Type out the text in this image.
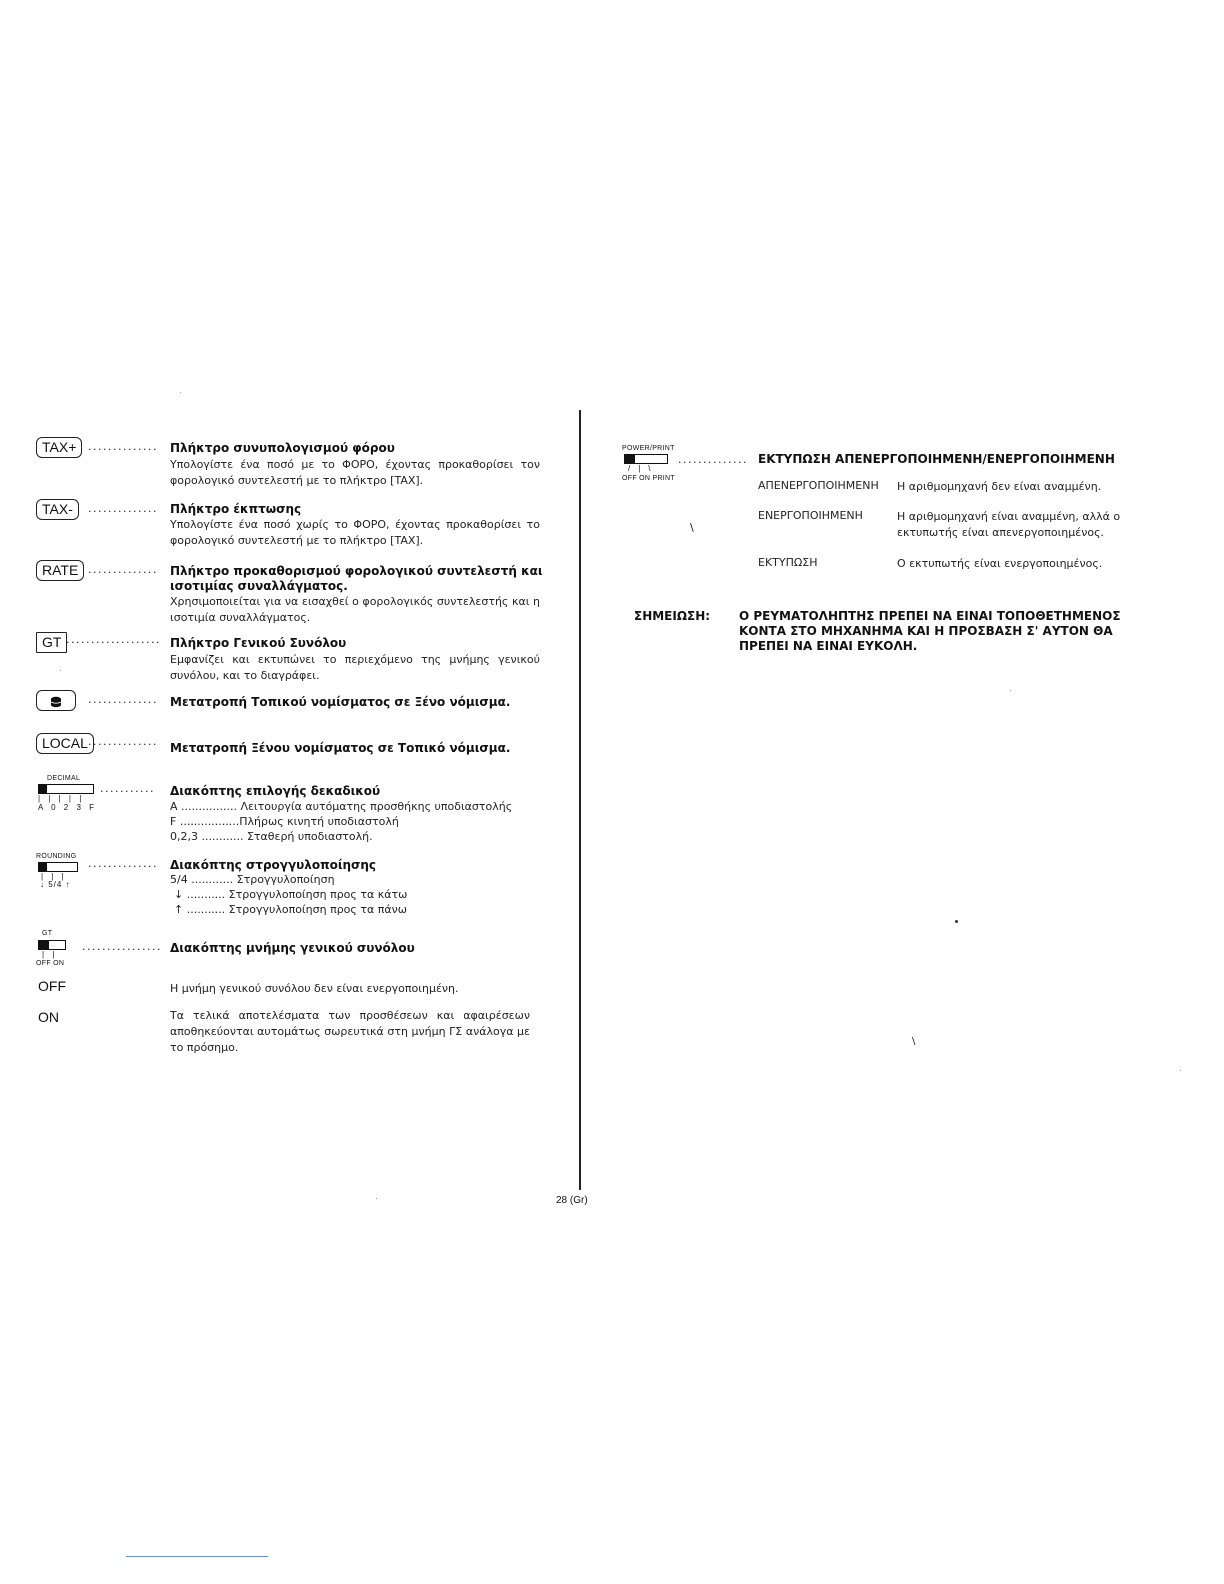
TAX+	.............. Πλήκτρο συνυπολογισμού φόρου
Υπολογίστε ένα ποσό με το ΦΟΡΟ, έχοντας προκαθορίσει τον φορολογικό συντελεστή με το πλήκτρο [TAX].
TAX-	.............. Πλήκτρο έκπτωσης
Υπολογίστε ένα ποσό χωρίς το ΦΟΡΟ, έχοντας προκαθορίσει το φορολογικό συντελεστή με το πλήκτρο [TAX].
RATE .............. Πλήκτρο προκαθορισμού φορολογικού συντελεστή και
ισοτιμίας συναλλάγματος.
Χρησιμοποιείται για να εισαχθεί ο φορολογικός συντελεστής και η ισοτιμία συναλλάγματος.
GT ................... Πλήκτρο Γενικού Συνόλου
Εμφανίζει και εκτυπώνει το περιεχόμενο της μνήμης γενικού συνόλου, και το διαγράφει.
.............. Μετατροπή Τοπικού νομίσματος σε Ξένο νόμισμα.
LOCAL .............. Μετατροπή Ξένου νομίσματος σε Τοπικό νόμισμα.
DECIMAL
| | | | |
A 0 2 3 F
........... Διακόπτης επιλογής δεκαδικού
A ................ Λειτουργία αυτόματης προσθήκης υποδιαστολής
F .................Πλήρως κινητή υποδιαστολή
0,2,3 ............ Σταθερή υποδιαστολή.
ROUNDING
| | |
↓ 5/4 ↑
.............. Διακόπτης στρογγυλοποίησης
5/4 ............ Στρογγυλοποίηση
↓ ........... Στρογγυλοποίηση προς τα κάτω
↑ ........... Στρογγυλοποίηση προς τα πάνω
GT
| |
OFF ON
................ Διακόπτης μνήμης γενικού συνόλου
OFF	Η μνήμη γενικού συνόλου δεν είναι ενεργοποιημένη.
ON	Τα τελικά αποτελέσματα των προσθέσεων και αφαιρέσεων αποθηκεύονται αυτομάτως σωρευτικά στη μνήμη ΓΣ ανάλογα με το πρόσημο.
28 (Gr)
POWER/PRINT
/|\
OFF ON PRINT
.............. ΕΚΤΥΠΩΣΗ ΑΠΕΝΕΡΓΟΠΟΙΗΜΕΝΗ/ΕΝΕΡΓΟΠΟΙΗΜΕΝΗ
ΑΠΕΝΕΡΓΟΠΟΙΗΜΕΝΗ Η αριθμομηχανή δεν είναι αναμμένη.
ΕΝΕΡΓΟΠΟΙΗΜΕΝΗ	Η αριθμομηχανή είναι αναμμένη, αλλά ο εκτυπωτής είναι απενεργοποιημένος.
ΕΚΤΥΠΩΣΗ	Ο εκτυπωτής είναι ενεργοποιημένος.
ΣΗΜΕΙΩΣΗ: Ο ΡΕΥΜΑΤΟΛΗΠΤΗΣ ΠΡΕΠΕΙ ΝΑ ΕΙΝΑΙ ΤΟΠΟΘΕΤΗΜΕΝΟΣ ΚΟΝΤΑ ΣΤΟ ΜΗΧΑΝΗΜΑ ΚΑΙ Η ΠΡΟΣΒΑΣΗ Σ' ΑΥΤΟΝ ΘΑ ΠΡΕΠΕΙ ΝΑ ΕΙΝΑΙ ΕΥΚΟΛΗ.
\
\
